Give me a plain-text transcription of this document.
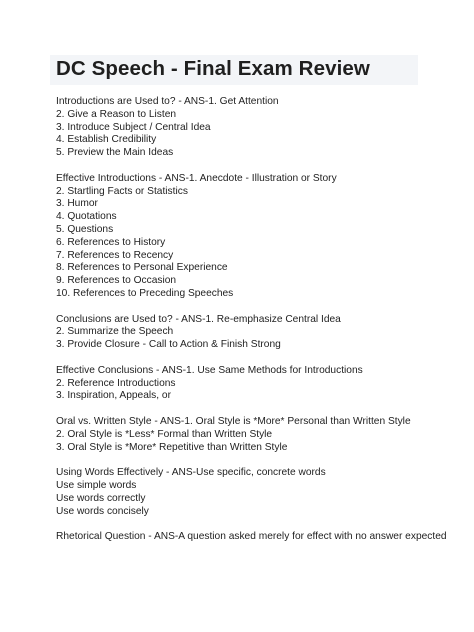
DC Speech - Final Exam Review
Introductions are Used to? - ANS-1. Get Attention
2. Give a Reason to Listen
3. Introduce Subject / Central Idea
4. Establish Credibility
5. Preview the Main Ideas
Effective Introductions - ANS-1. Anecdote - Illustration or Story
2. Startling Facts or Statistics
3. Humor
4. Quotations
5. Questions
6. References to History
7. References to Recency
8. References to Personal Experience
9. References to Occasion
10. References to Preceding Speeches
Conclusions are Used to? - ANS-1. Re-emphasize Central Idea
2. Summarize the Speech
3. Provide Closure - Call to Action & Finish Strong
Effective Conclusions - ANS-1. Use Same Methods for Introductions
2. Reference Introductions
3. Inspiration, Appeals, or
Oral vs. Written Style - ANS-1. Oral Style is *More* Personal than Written Style
2. Oral Style is *Less* Formal than Written Style
3. Oral Style is *More* Repetitive than Written Style
Using Words Effectively - ANS-Use specific, concrete words
Use simple words
Use words correctly
Use words concisely
Rhetorical Question - ANS-A question asked merely for effect with no answer expected
